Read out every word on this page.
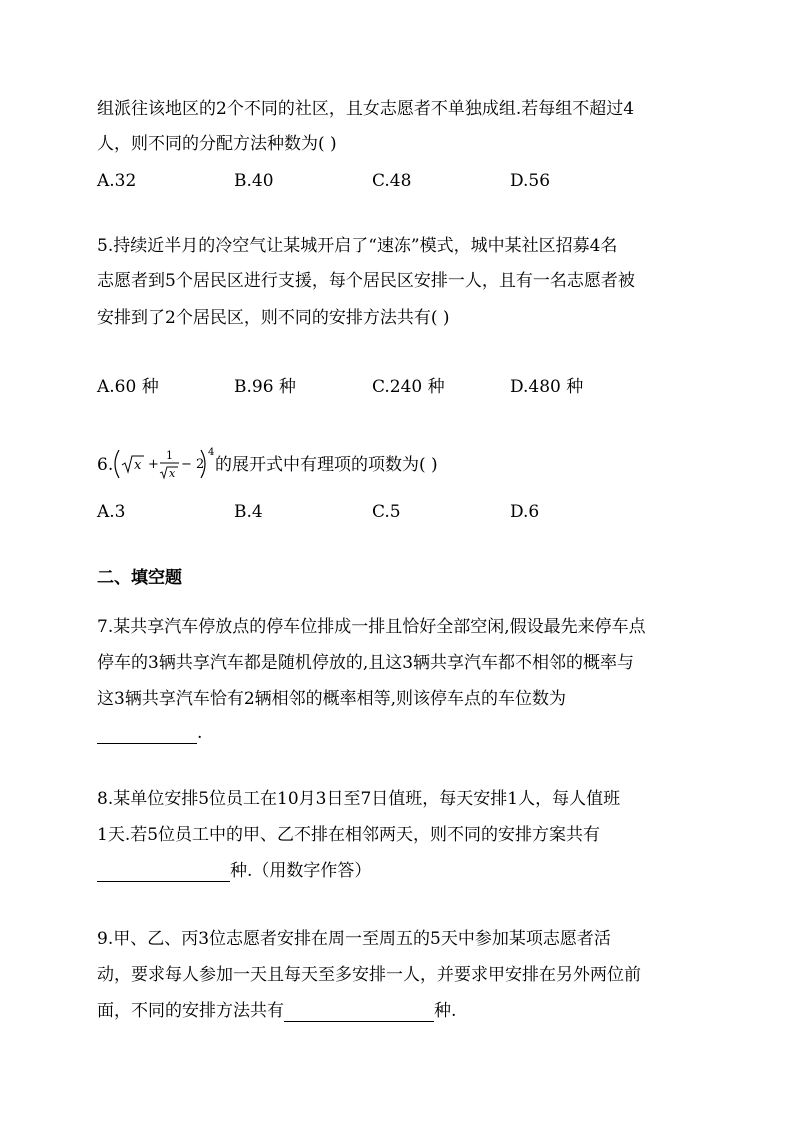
组派往该地区的2个不同的社区，且女志愿者不单独成组.若每组不超过4
人，则不同的分配方法种数为( )
A.32	B.40	C.48	D.56
5.持续近半月的冷空气让某城开启了“速冻”模式，城中某社区招募4名
志愿者到5个居民区进行支援，每个居民区安排一人，且有一名志愿者被
安排到了2个居民区，则不同的安排方法共有( )
A.60 种	B.96 种	C.240 种	D.480 种
6. x +
1
x
− 2
4
的展开式中有理项的项数为( )
A.3	B.4	C.5	D.6
二、填空题
7.某共享汽车停放点的停车位排成一排且恰好全部空闲,假设最先来停车点
停车的3辆共享汽车都是随机停放的,且这3辆共享汽车都不相邻的概率与
这3辆共享汽车恰有2辆相邻的概率相等,则该停车点的车位数为
.
8.某单位安排5位员工在10月3日至7日值班，每天安排1人，每人值班
1天.若5位员工中的甲、乙不排在相邻两天，则不同的安排方案共有
种.（用数字作答）
9.甲、乙、丙3位志愿者安排在周一至周五的5天中参加某项志愿者活
动，要求每人参加一天且每天至多安排一人，并要求甲安排在另外两位前
面，不同的安排方法共有	种.
